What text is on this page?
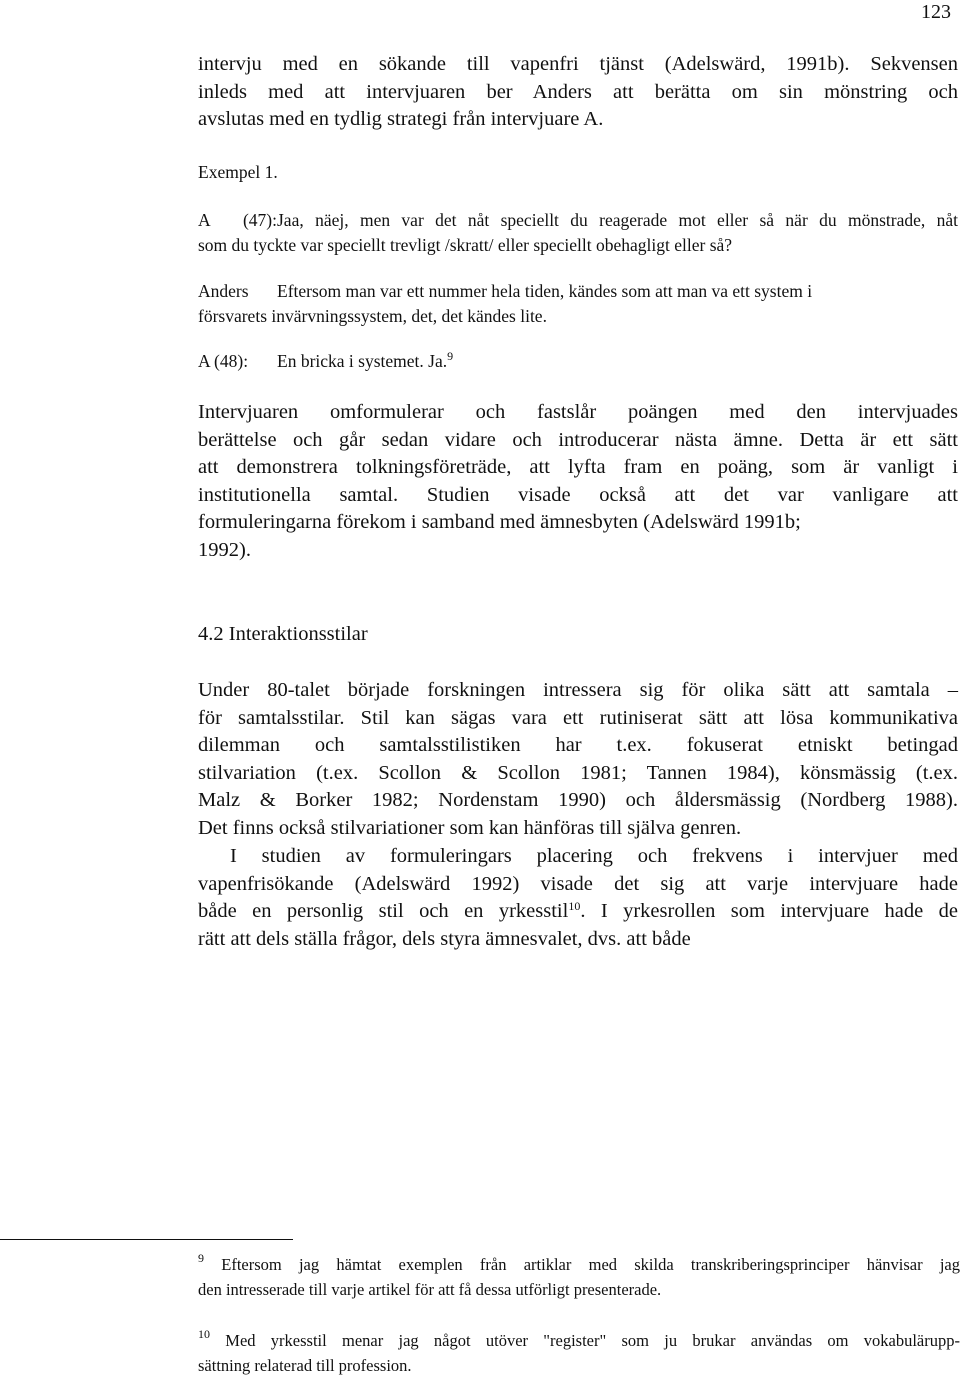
123
intervju med en sökande till vapenfri tjänst (Adelswärd, 1991b). Sekvensen
inleds med att intervjuaren ber Anders att berätta om sin mönstring och
avslutas med en tydlig strategi från intervjuare A.
Exempel 1.
A (47):Jaa, näej, men var det nåt speciellt du reagerade mot eller så när du mönstrade, nåt
som du tyckte var speciellt trevligt /skratt/ eller speciellt obehagligt eller så?
Anders Eftersom man var ett nummer hela tiden, kändes som att man va ett system i
försvarets invärvningssystem, det, det kändes lite.
A (48): En bricka i systemet. Ja.$^9$
Intervjuaren omformulerar och fastslår poängen med den intervjuades
berättelse och går sedan vidare och introducerar nästa ämne. Detta är ett sätt
att demonstrera tolkningsföreträde, att lyfta fram en poäng, som är vanligt i
institutionella samtal. Studien visade också att det var vanligare att
formuleringarna förekom i samband med ämnesbyten (Adelswärd 1991b;
1992).
4.2 Interaktionsstilar
Under 80-talet började forskningen intressera sig för olika sätt att samtala –
för samtalsstilar. Stil kan sägas vara ett rutiniserat sätt att lösa kommunikativa
dilemman och samtalsstilistiken har t.ex. fokuserat etniskt betingad
stilvariation (t.ex. Scollon & Scollon 1981; Tannen 1984), könsmässig (t.ex.
Malz & Borker 1982; Nordenstam 1990) och åldersmässig (Nordberg 1988).
Det finns också stilvariationer som kan hänföras till själva genren.
I studien av formuleringars placering och frekvens i intervjuer med
vapenfrisökande (Adelswärd 1992) visade det sig att varje intervjuare hade
både en personlig stil och en yrkesstil$^{10}$. I yrkesrollen som intervjuare hade de
rätt att dels ställa frågor, dels styra ämnesvalet, dvs. att både
$^9$ Eftersom jag hämtat exemplen från artiklar med skilda transkriberingsprinciper hänvisar jag
den intresserade till varje artikel för att få dessa utförligt presenterade.
$^{10}$ Med yrkesstil menar jag något utöver "register" som ju brukar användas om vokabulärupp-
sättning relaterad till profession.
